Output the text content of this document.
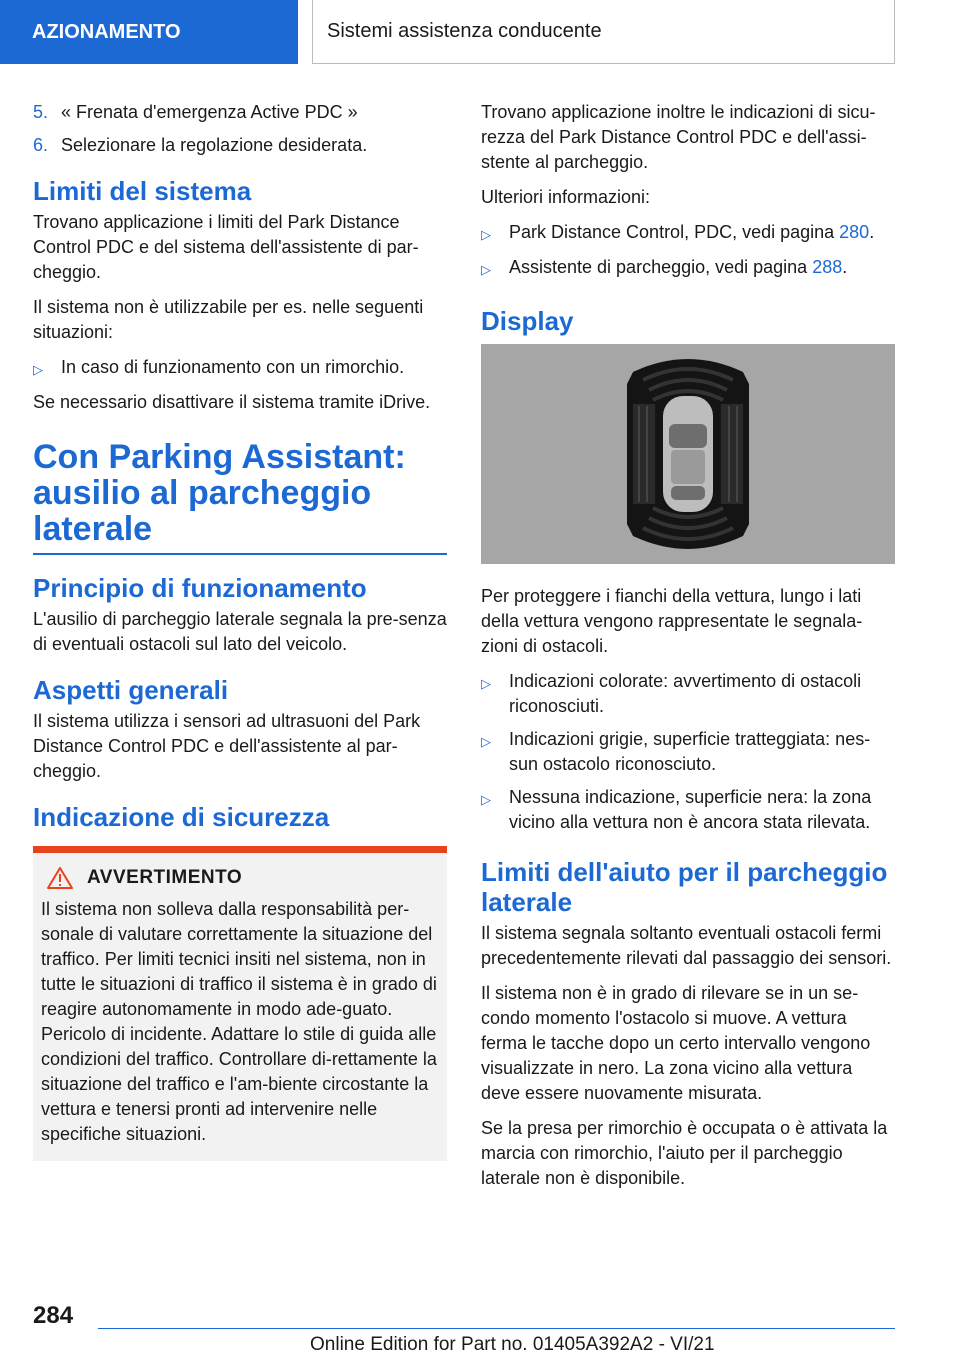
AZIONAMENTO	Sistemi assistenza conducente
5. « Frenata d'emergenza Active PDC »
6. Selezionare la regolazione desiderata.
Limiti del sistema

Trovano applicazione i limiti del Park Distance Control PDC e del sistema dell'assistente di par-cheggio.

Il sistema non è utilizzabile per es. nelle seguenti situazioni:

▷	In caso di funzionamento con un rimorchio.

Se necessario disattivare il sistema tramite iDrive.

Con Parking Assistant: ausilio al parcheggio laterale
Principio di funzionamento

L'ausilio di parcheggio laterale segnala la pre-senza di eventuali ostacoli sul lato del veicolo.

Aspetti generali

Il sistema utilizza i sensori ad ultrasuoni del Park Distance Control PDC e dell'assistente al par-cheggio.

Indicazione di sicurezza
AVVERTIMENTO

Il sistema non solleva dalla responsabilità per-sonale di valutare correttamente la situazione del traffico. Per limiti tecnici insiti nel sistema, non in tutte le situazioni di traffico il sistema è in grado di reagire autonomamente in modo ade-guato. Pericolo di incidente. Adattare lo stile di guida alle condizioni del traffico. Controllare di-rettamente la situazione del traffico e l'am-biente circostante la vettura e tenersi pronti ad intervenire nelle specifiche situazioni.

Trovano applicazione inoltre le indicazioni di sicu-rezza del Park Distance Control PDC e dell'assi-stente al parcheggio.

Ulteriori informazioni:

▷	Park Distance Control, PDC, vedi pagina 280.
▷	Assistente di parcheggio, vedi pagina 288.
Display

Per proteggere i fianchi della vettura, lungo i lati della vettura vengono rappresentate le segnala-zioni di ostacoli.

▷	Indicazioni colorate: avvertimento di ostacoli riconosciuti.
▷	Indicazioni grigie, superficie tratteggiata: nes-sun ostacolo riconosciuto.
▷	Nessuna indicazione, superficie nera: la zona vicino alla vettura non è ancora stata rilevata.
Limiti dell'aiuto per il parcheggio laterale

Il sistema segnala soltanto eventuali ostacoli fermi precedentemente rilevati dal passaggio dei sensori.

Il sistema non è in grado di rilevare se in un se-condo momento l'ostacolo si muove. A vettura ferma le tacche dopo un certo intervallo vengono visualizzate in nero. La zona vicino alla vettura deve essere nuovamente misurata.

Se la presa per rimorchio è occupata o è attivata la marcia con rimorchio, l'aiuto per il parcheggio laterale non è disponibile.

284
Online Edition for Part no. 01405A392A2 - VI/21
